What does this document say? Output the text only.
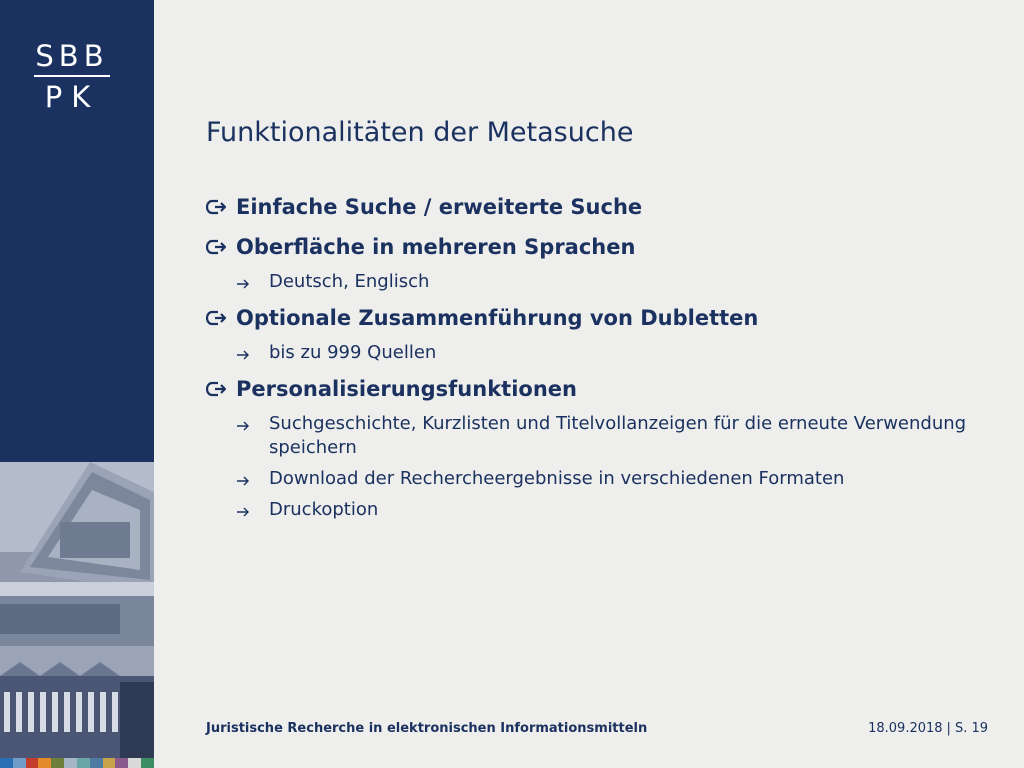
SBB
PK
Funktionalitäten der Metasuche
Einfache Suche / erweiterte Suche
Oberfläche in mehreren Sprachen
Deutsch, Englisch
Optionale Zusammenführung von Dubletten
bis zu 999 Quellen
Personalisierungsfunktionen
Suchgeschichte, Kurzlisten und Titelvollanzeigen für die erneute Verwendung speichern
Download der Rechercheergebnisse in verschiedenen Formaten
Druckoption
Juristische Recherche in elektronischen Informationsmitteln	18.09.2018 | S. 19
